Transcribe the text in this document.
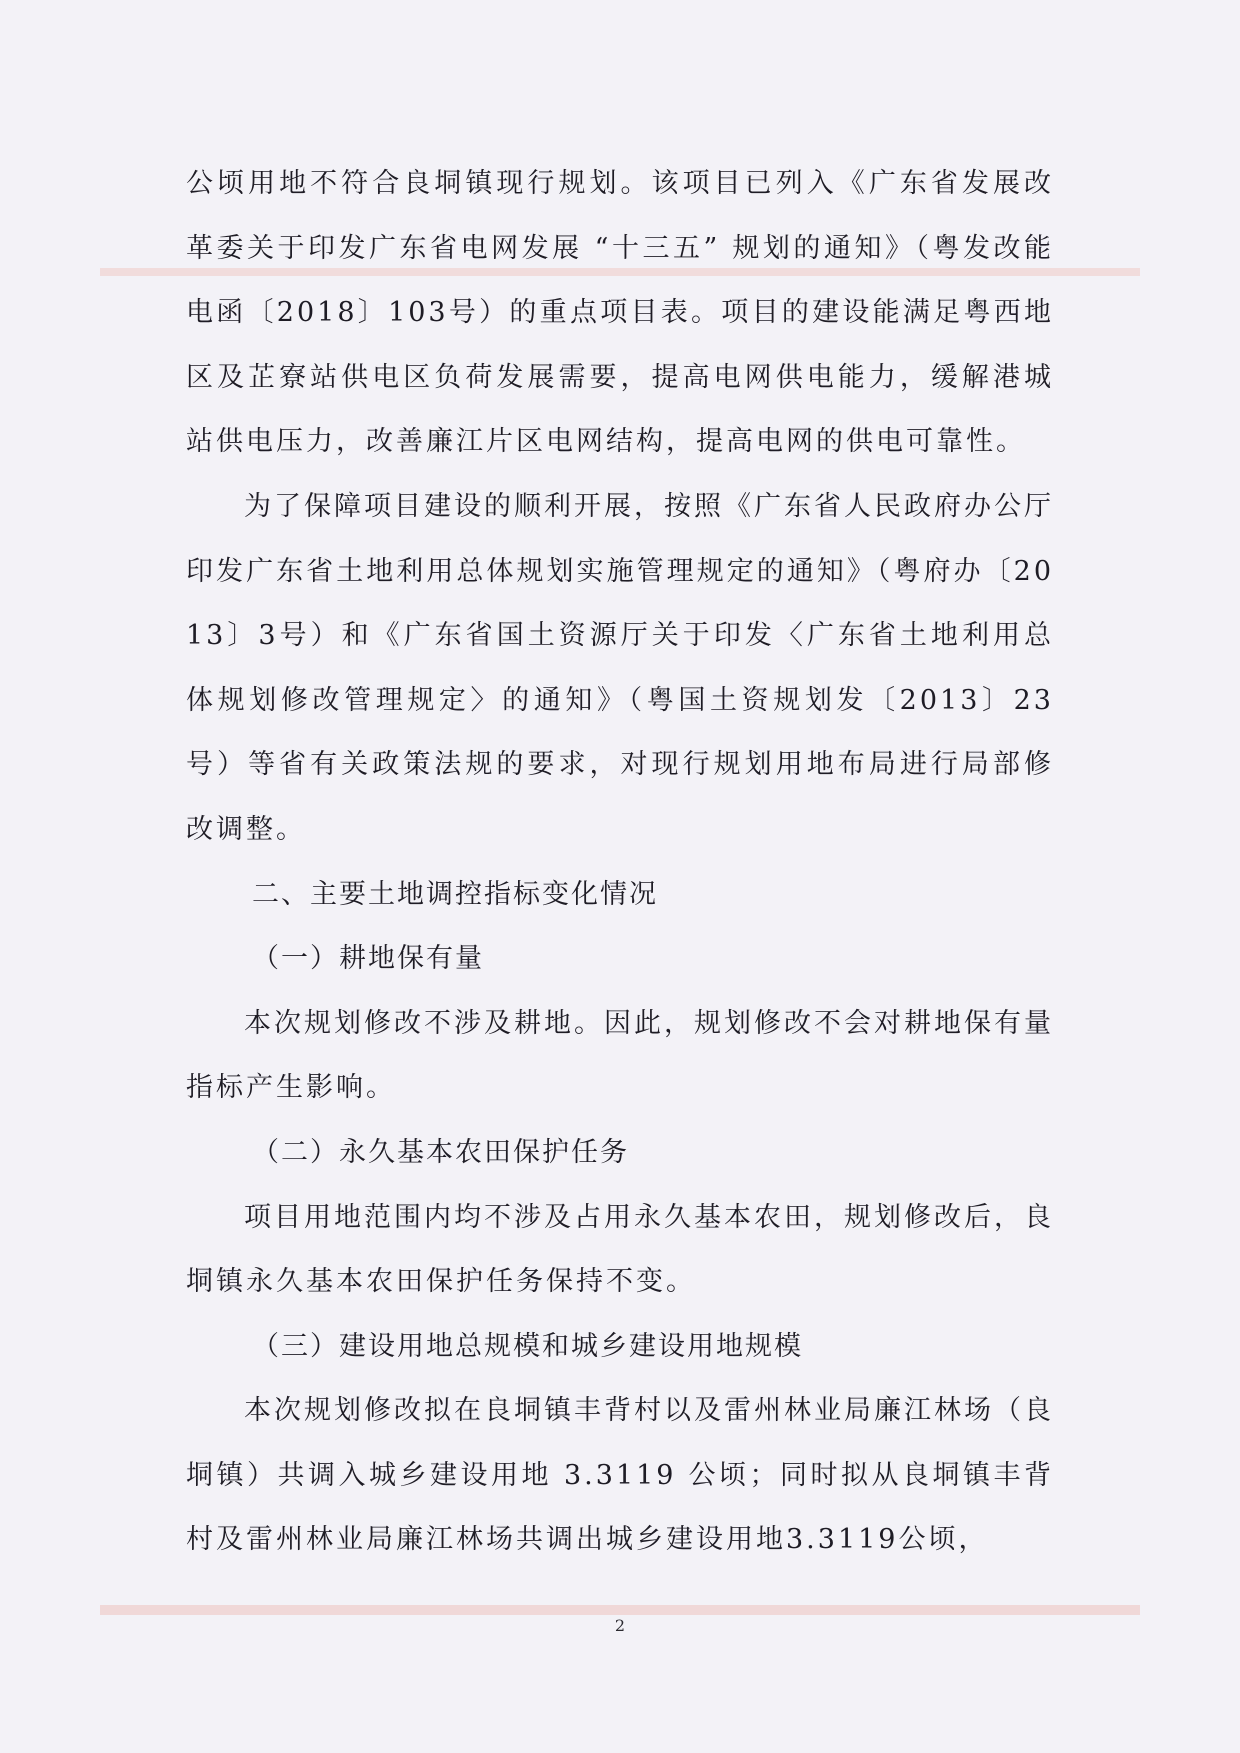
公顷用地不符合良垌镇现行规划。该项目已列入《广东省发展改革委关于印发广东省电网发展 “十三五” 规划的通知》（粤发改能电函〔2018〕103号）的重点项目表。项目的建设能满足粤西地区及芷寮站供电区负荷发展需要，提高电网供电能力，缓解港城站供电压力，改善廉江片区电网结构，提高电网的供电可靠性。

为了保障项目建设的顺利开展，按照《广东省人民政府办公厅印发广东省土地利用总体规划实施管理规定的通知》（粤府办〔2013〕3号）和《广东省国土资源厅关于印发〈广东省土地利用总体规划修改管理规定〉的通知》（粤国土资规划发〔2013〕23号）等省有关政策法规的要求，对现行规划用地布局进行局部修改调整。

二、主要土地调控指标变化情况

（一）耕地保有量

本次规划修改不涉及耕地。因此，规划修改不会对耕地保有量指标产生影响。

（二）永久基本农田保护任务

项目用地范围内均不涉及占用永久基本农田，规划修改后，良垌镇永久基本农田保护任务保持不变。

（三）建设用地总规模和城乡建设用地规模

本次规划修改拟在良垌镇丰背村以及雷州林业局廉江林场（良垌镇）共调入城乡建设用地 3.3119 公顷；同时拟从良垌镇丰背村及雷州林业局廉江林场共调出城乡建设用地3.3119公顷，

2
